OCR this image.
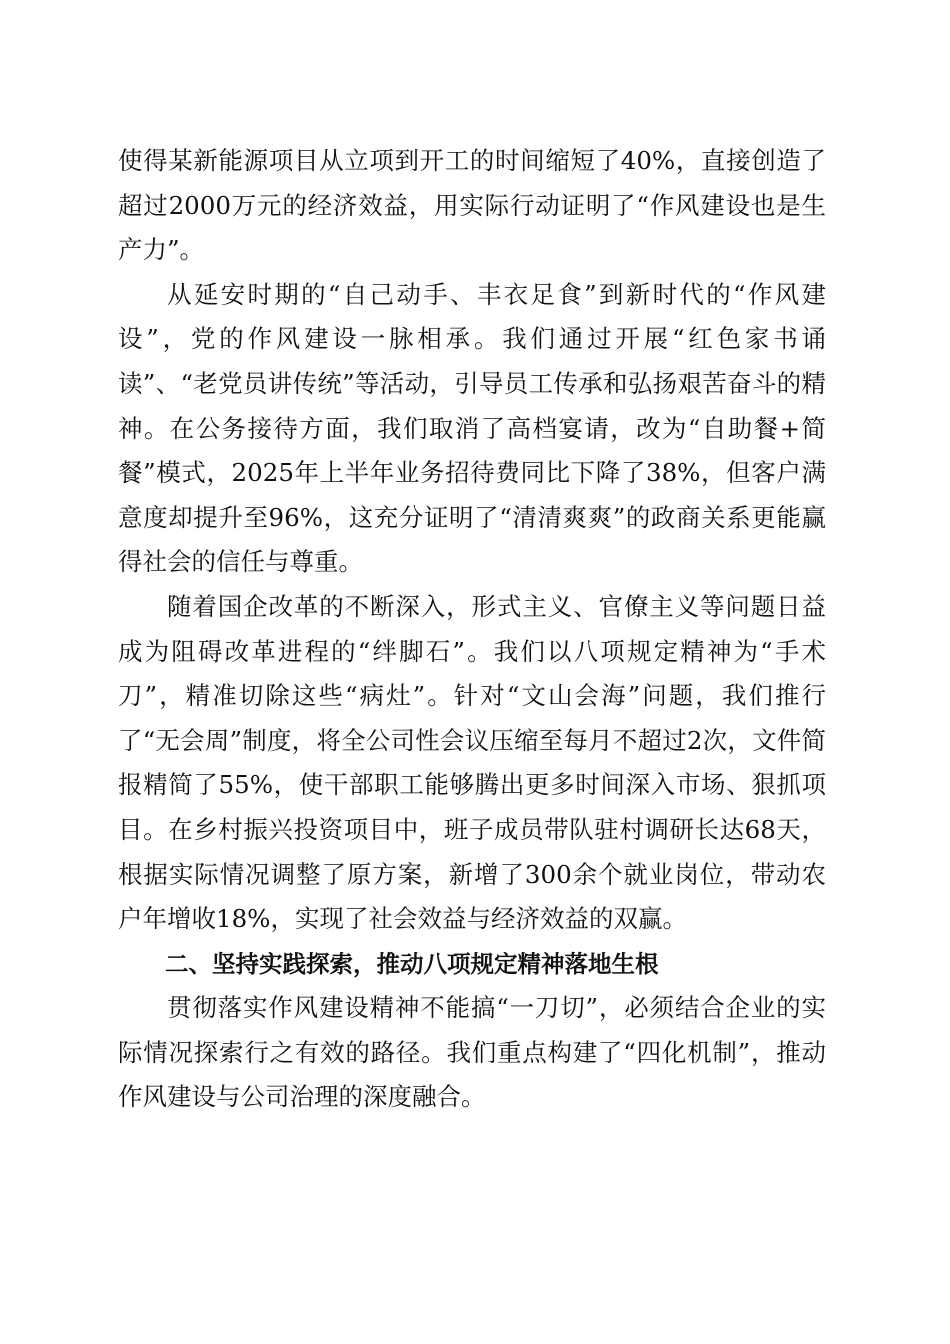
使得某新能源项目从立项到开工的时间缩短了40%，直接创造了超过2000万元的经济效益，用实际行动证明了“作风建设也是生产力”。

从延安时期的“自己动手、丰衣足食”到新时代的“作风建设”，党的作风建设一脉相承。我们通过开展“红色家书诵读”、“老党员讲传统”等活动，引导员工传承和弘扬艰苦奋斗的精神。在公务接待方面，我们取消了高档宴请，改为“自助餐+简餐”模式，2025年上半年业务招待费同比下降了38%，但客户满意度却提升至96%，这充分证明了“清清爽爽”的政商关系更能赢得社会的信任与尊重。

随着国企改革的不断深入，形式主义、官僚主义等问题日益成为阻碍改革进程的“绊脚石”。我们以八项规定精神为“手术刀”，精准切除这些“病灶”。针对“文山会海”问题，我们推行了“无会周”制度，将全公司性会议压缩至每月不超过2次，文件简报精简了55%，使干部职工能够腾出更多时间深入市场、狠抓项目。在乡村振兴投资项目中，班子成员带队驻村调研长达68天，根据实际情况调整了原方案，新增了300余个就业岗位，带动农户年增收18%，实现了社会效益与经济效益的双赢。

二、坚持实践探索，推动八项规定精神落地生根

贯彻落实作风建设精神不能搞“一刀切”，必须结合企业的实际情况探索行之有效的路径。我们重点构建了“四化机制”，推动作风建设与公司治理的深度融合。
